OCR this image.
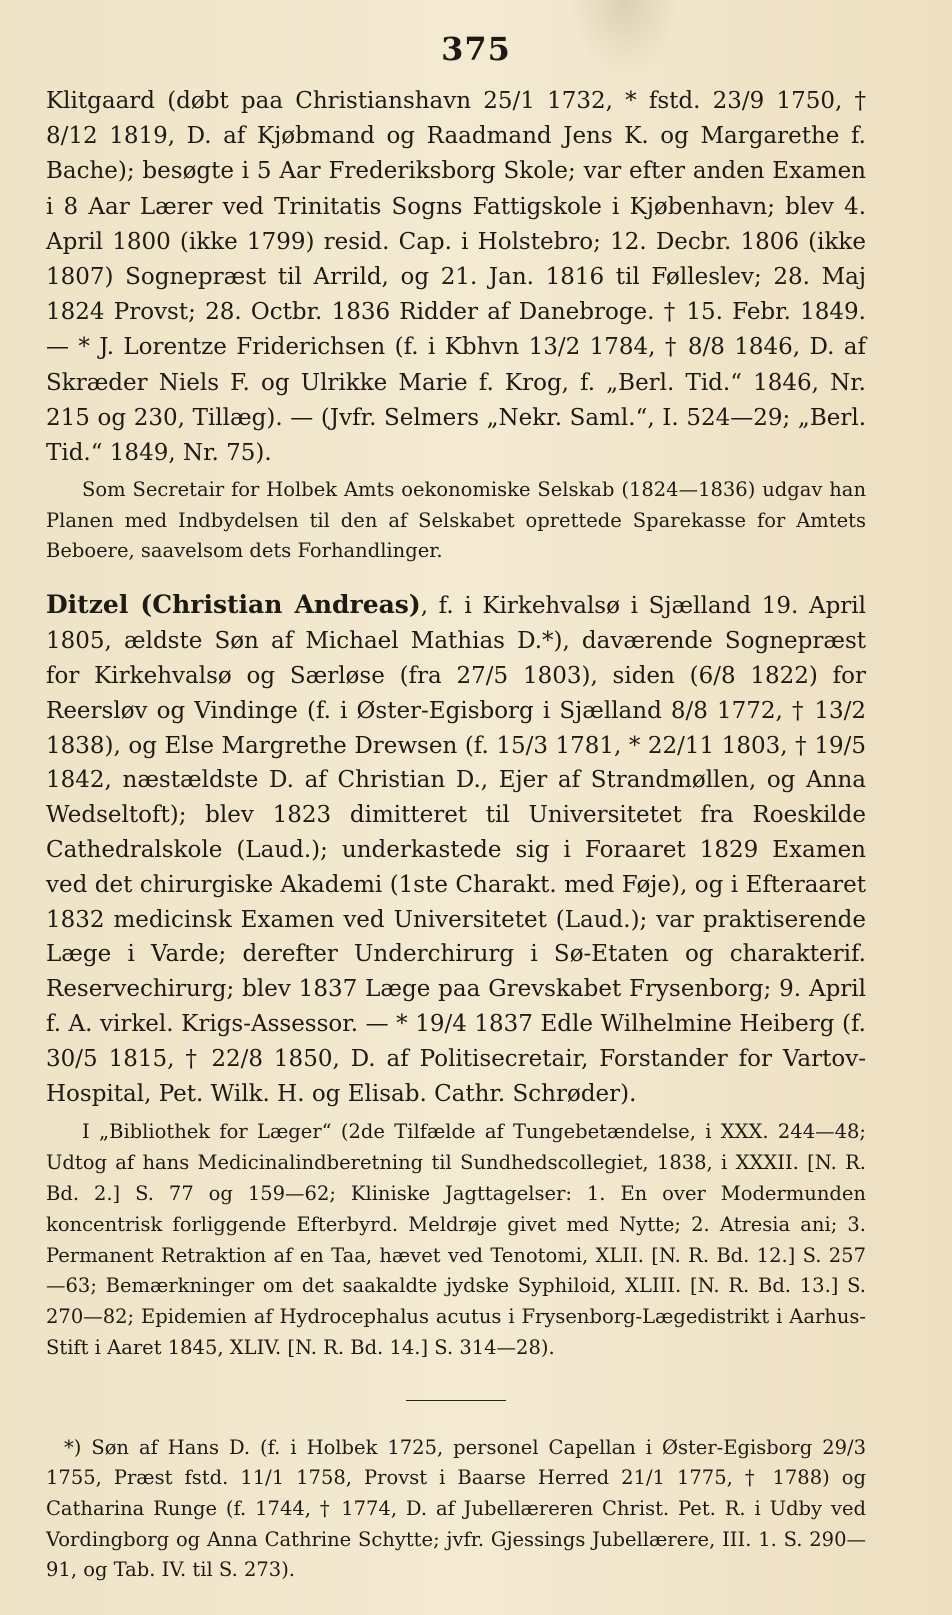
375

Klitgaard (døbt paa Christianshavn 25/1 1732, * fstd. 23/9 1750, † 8/12 1819, D. af Kjøbmand og Raadmand Jens K. og Margarethe f. Bache); besøgte i 5 Aar Frederiksborg Skole; var efter anden Examen i 8 Aar Lærer ved Trinitatis Sogns Fattigskole i Kjøbenhavn; blev 4. April 1800 (ikke 1799) resid. Cap. i Holstebro; 12. Decbr. 1806 (ikke 1807) Sognepræst til Arrild, og 21. Jan. 1816 til Følleslev; 28. Maj 1824 Provst; 28. Octbr. 1836 Ridder af Danebroge. † 15. Febr. 1849. — * J. Lorentze Friderichsen (f. i Kbhvn 13/2 1784, † 8/8 1846, D. af Skræder Niels F. og Ulrikke Marie f. Krog, f. „Berl. Tid.“ 1846, Nr. 215 og 230, Tillæg). — (Jvfr. Selmers „Nekr. Saml.“, I. 524—29; „Berl. Tid.“ 1849, Nr. 75).

Som Secretair for Holbek Amts oekonomiske Selskab (1824—1836) udgav han Planen med Indbydelsen til den af Selskabet oprettede Sparekasse for Amtets Beboere, saavelsom dets Forhandlinger.

Ditzel (Christian Andreas), f. i Kirkehvalsø i Sjælland 19. April 1805, ældste Søn af Michael Mathias D.*), daværende Sognepræst for Kirkehvalsø og Særløse (fra 27/5 1803), siden (6/8 1822) for Reersløv og Vindinge (f. i Øster-Egisborg i Sjælland 8/8 1772, † 13/2 1838), og Else Margrethe Drewsen (f. 15/3 1781, * 22/11 1803, † 19/5 1842, næstældste D. af Christian D., Ejer af Strandmøllen, og Anna Wedseltoft); blev 1823 dimitteret til Universitetet fra Roeskilde Cathedralskole (Laud.); underkastede sig i Foraaret 1829 Examen ved det chirurgiske Akademi (1ste Charakt. med Føje), og i Efteraaret 1832 medicinsk Examen ved Universitetet (Laud.); var praktiserende Læge i Varde; derefter Underchirurg i Sø-Etaten og charakterif. Reservechirurg; blev 1837 Læge paa Grevskabet Frysenborg; 9. April f. A. virkel. Krigs-Assessor. — * 19/4 1837 Edle Wilhelmine Heiberg (f. 30/5 1815, † 22/8 1850, D. af Politisecretair, Forstander for Vartov-Hospital, Pet. Wilk. H. og Elisab. Cathr. Schrøder).

I „Bibliothek for Læger“ (2de Tilfælde af Tungebetændelse, i XXX. 244—48; Udtog af hans Medicinalindberetning til Sundhedscollegiet, 1838, i XXXII. [N. R. Bd. 2.] S. 77 og 159—62; Kliniske Jagttagelser: 1. En over Modermunden koncentrisk forliggende Efterbyrd. Meldrøje givet med Nytte; 2. Atresia ani; 3. Permanent Retraktion af en Taa, hævet ved Tenotomi, XLII. [N. R. Bd. 12.] S. 257—63; Bemærkninger om det saakaldte jydske Syphiloid, XLIII. [N. R. Bd. 13.] S. 270—82; Epidemien af Hydrocephalus acutus i Frysenborg-Lægedistrikt i Aarhus-Stift i Aaret 1845, XLIV. [N. R. Bd. 14.] S. 314—28).

*) Søn af Hans D. (f. i Holbek 1725, personel Capellan i Øster-Egisborg 29/3 1755, Præst fstd. 11/1 1758, Provst i Baarse Herred 21/1 1775, † 1788) og Catharina Runge (f. 1744, † 1774, D. af Jubellæreren Christ. Pet. R. i Udby ved Vordingborg og Anna Cathrine Schytte; jvfr. Gjessings Jubellærere, III. 1. S. 290—91, og Tab. IV. til S. 273).
